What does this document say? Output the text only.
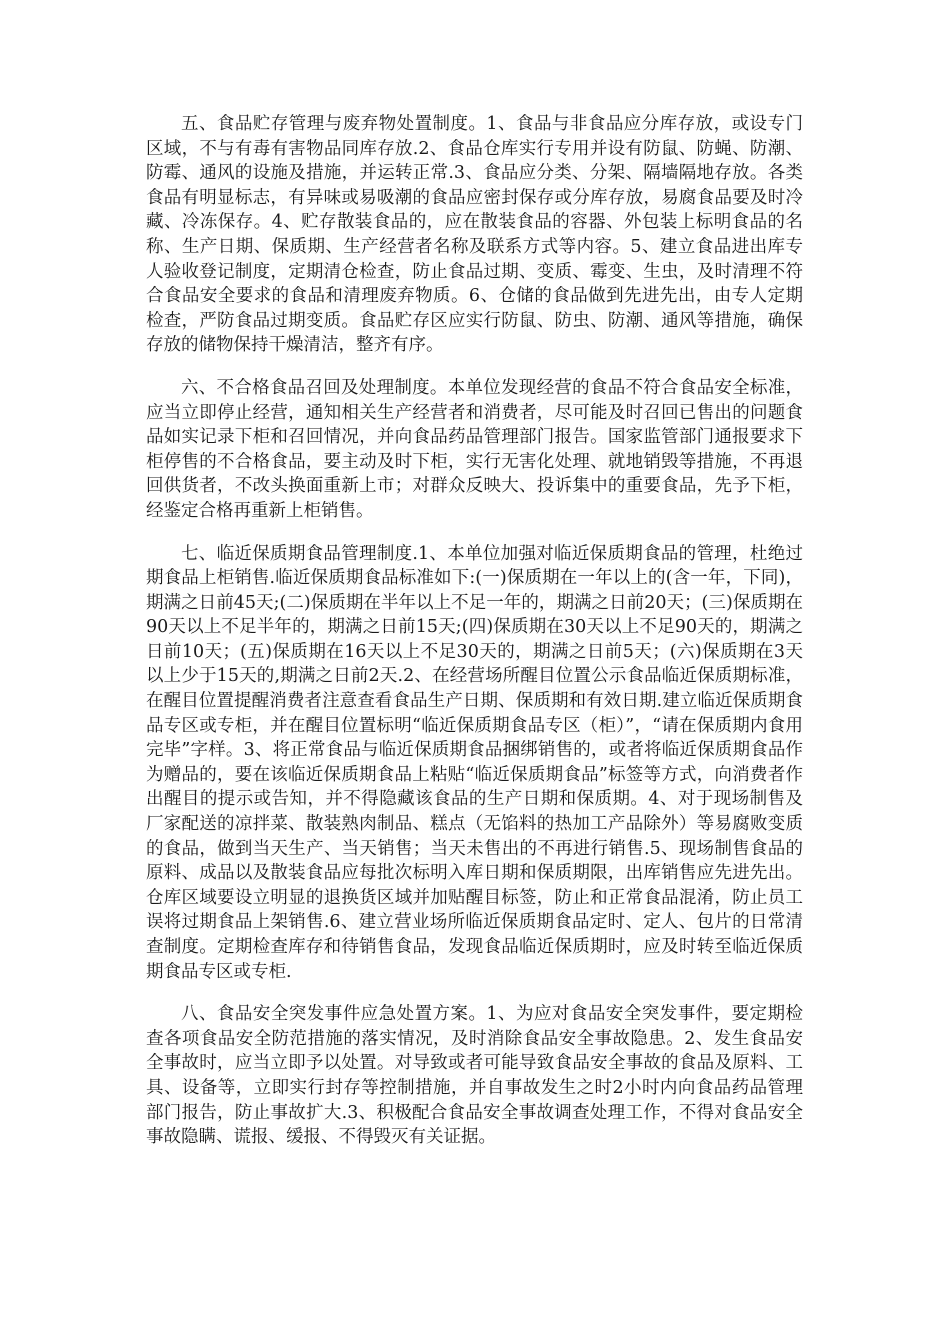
五、食品贮存管理与废弃物处置制度。1、食品与非食品应分库存放，或设专门区域，不与有毒有害物品同库存放.2、食品仓库实行专用并设有防鼠、防蝇、防潮、防霉、通风的设施及措施，并运转正常.3、食品应分类、分架、隔墙隔地存放。各类食品有明显标志，有异味或易吸潮的食品应密封保存或分库存放，易腐食品要及时冷藏、冷冻保存。4、贮存散装食品的，应在散装食品的容器、外包装上标明食品的名称、生产日期、保质期、生产经营者名称及联系方式等内容。5、建立食品进出库专人验收登记制度，定期清仓检查，防止食品过期、变质、霉变、生虫，及时清理不符合食品安全要求的食品和清理废弃物质。6、仓储的食品做到先进先出，由专人定期检查，严防食品过期变质。食品贮存区应实行防鼠、防虫、防潮、通风等措施，确保存放的储物保持干燥清洁，整齐有序。

六、不合格食品召回及处理制度。本单位发现经营的食品不符合食品安全标准，应当立即停止经营，通知相关生产经营者和消费者，尽可能及时召回已售出的问题食品如实记录下柜和召回情况，并向食品药品管理部门报告。国家监管部门通报要求下柜停售的不合格食品，要主动及时下柜，实行无害化处理、就地销毁等措施，不再退回供货者，不改头换面重新上市；对群众反映大、投诉集中的重要食品，先予下柜，经鉴定合格再重新上柜销售。

七、临近保质期食品管理制度.1、本单位加强对临近保质期食品的管理，杜绝过期食品上柜销售.临近保质期食品标准如下:(一)保质期在一年以上的(含一年，下同)，期满之日前45天;(二)保质期在半年以上不足一年的，期满之日前20天；(三)保质期在90天以上不足半年的，期满之日前15天;(四)保质期在30天以上不足90天的，期满之日前10天；(五)保质期在16天以上不足30天的，期满之日前5天；(六)保质期在3天以上少于15天的,期满之日前2天.2、在经营场所醒目位置公示食品临近保质期标准，在醒目位置提醒消费者注意查看食品生产日期、保质期和有效日期.建立临近保质期食品专区或专柜，并在醒目位置标明“临近保质期食品专区（柜）”，“请在保质期内食用完毕”字样。3、将正常食品与临近保质期食品捆绑销售的，或者将临近保质期食品作为赠品的，要在该临近保质期食品上粘贴“临近保质期食品”标签等方式，向消费者作出醒目的提示或告知，并不得隐藏该食品的生产日期和保质期。4、对于现场制售及厂家配送的凉拌菜、散装熟肉制品、糕点（无馅料的热加工产品除外）等易腐败变质的食品，做到当天生产、当天销售；当天未售出的不再进行销售.5、现场制售食品的原料、成品以及散装食品应每批次标明入库日期和保质期限，出库销售应先进先出。仓库区域要设立明显的退换货区域并加贴醒目标签，防止和正常食品混淆，防止员工误将过期食品上架销售.6、建立营业场所临近保质期食品定时、定人、包片的日常清查制度。定期检查库存和待销售食品，发现食品临近保质期时，应及时转至临近保质期食品专区或专柜.

八、食品安全突发事件应急处置方案。1、为应对食品安全突发事件，要定期检查各项食品安全防范措施的落实情况，及时消除食品安全事故隐患。2、发生食品安全事故时，应当立即予以处置。对导致或者可能导致食品安全事故的食品及原料、工具、设备等，立即实行封存等控制措施，并自事故发生之时2小时内向食品药品管理部门报告，防止事故扩大.3、积极配合食品安全事故调查处理工作，不得对食品安全事故隐瞒、谎报、缓报、不得毁灭有关证据。
